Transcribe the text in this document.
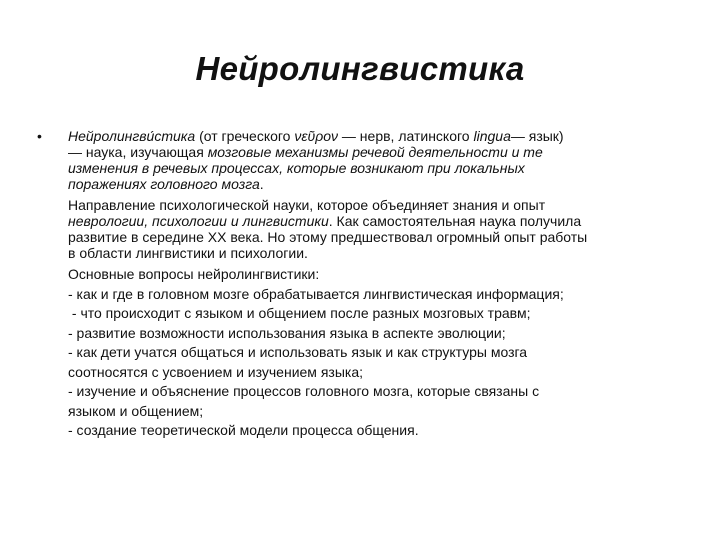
Нейролингвистика
• Нейролингви́стика (от греческого νεῦρον — нерв, латинского lingua— язык)
— наука, изучающая мозговые механизмы речевой деятельности и те
изменения в речевых процессах, которые возникают при локальных
поражениях головного мозга.
Направление психологической науки, которое объединяет знания и опыт
неврологии, психологии и лингвистики. Как самостоятельная наука получила
развитие в середине XX века. Но этому предшествовал огромный опыт работы
в области лингвистики и психологии.
Основные вопросы нейролингвистики:
- как и где в головном мозге обрабатывается лингвистическая информация;
- что происходит с языком и общением после разных мозговых травм;
- развитие возможности использования языка в аспекте эволюции;
- как дети учатся общаться и использовать язык и как структуры мозга
соотносятся с усвоением и изучением языка;
- изучение и объяснение процессов головного мозга, которые связаны с
языком и общением;
- создание теоретической модели процесса общения.
